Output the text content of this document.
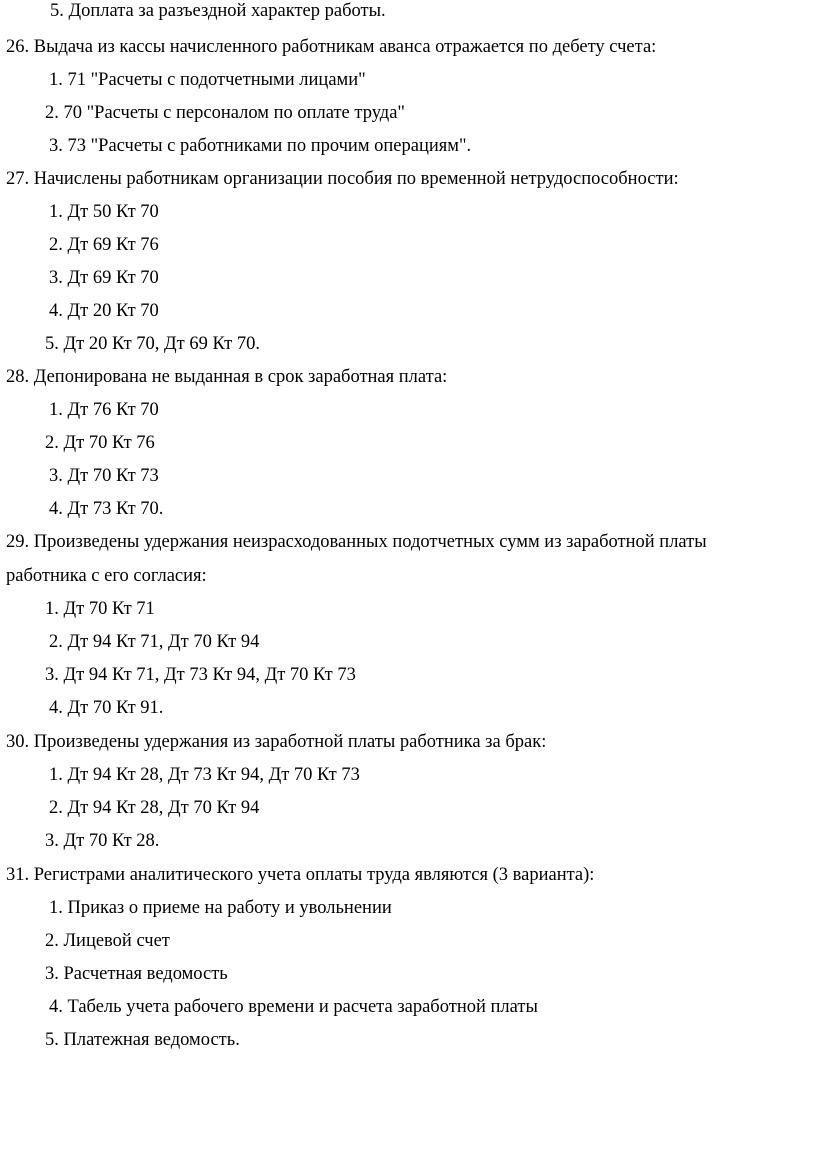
5. Доплата за разъездной характер работы.
26. Выдача из кассы начисленного работникам аванса отражается по дебету счета:
1. 71 "Расчеты с подотчетными лицами"
2. 70 "Расчеты с персоналом по оплате труда"
3. 73 "Расчеты с работниками по прочим операциям".
27. Начислены работникам организации пособия по временной нетрудоспособности:
1. Дт 50 Кт 70
2. Дт 69 Кт 76
3. Дт 69 Кт 70
4. Дт 20 Кт 70
5. Дт 20 Кт 70, Дт 69 Кт 70.
28. Депонирована не выданная в срок заработная плата:
1. Дт 76 Кт 70
2. Дт 70 Кт 76
3. Дт 70 Кт 73
4. Дт 73 Кт 70.
29. Произведены удержания неизрасходованных подотчетных сумм из заработной платы
работника с его согласия:
1. Дт 70 Кт 71
2. Дт 94 Кт 71, Дт 70 Кт 94
3. Дт 94 Кт 71, Дт 73 Кт 94, Дт 70 Кт 73
4. Дт 70 Кт 91.
30. Произведены удержания из заработной платы работника за брак:
1. Дт 94 Кт 28, Дт 73 Кт 94, Дт 70 Кт 73
2. Дт 94 Кт 28, Дт 70 Кт 94
3. Дт 70 Кт 28.
31. Регистрами аналитического учета оплаты труда являются (3 варианта):
1. Приказ о приеме на работу и увольнении
2. Лицевой счет
3. Расчетная ведомость
4. Табель учета рабочего времени и расчета заработной платы
5. Платежная ведомость.
